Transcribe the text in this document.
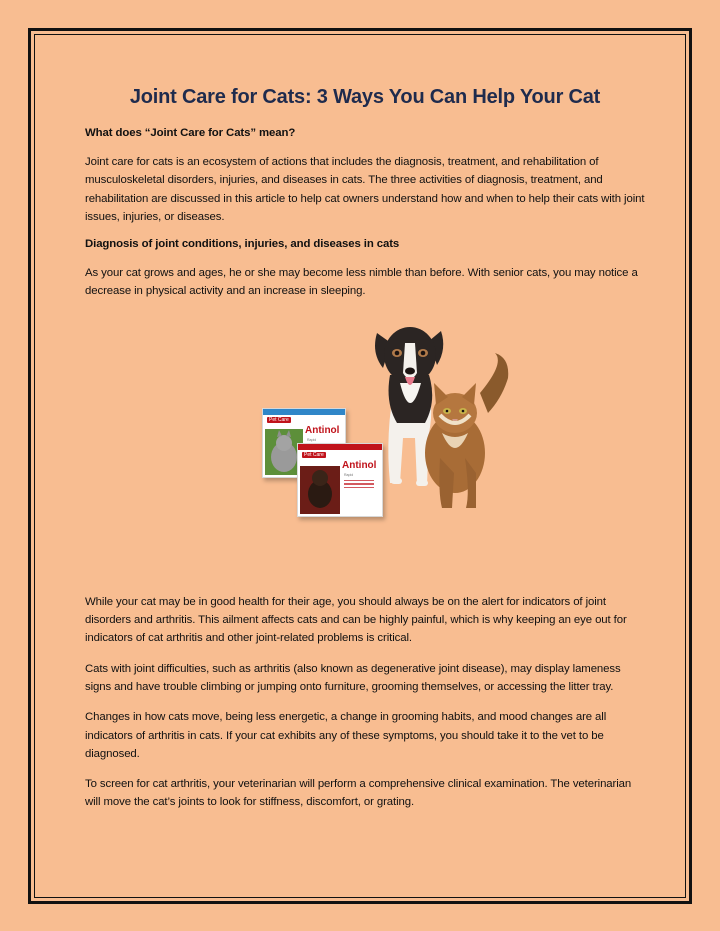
Joint Care for Cats: 3 Ways You Can Help Your Cat
What does “Joint Care for Cats” mean?

Joint care for cats is an ecosystem of actions that includes the diagnosis, treatment, and rehabilitation of musculoskeletal disorders, injuries, and diseases in cats. The three activities of diagnosis, treatment, and rehabilitation are discussed in this article to help cat owners understand how and when to help their cats with joint issues, injuries, or diseases.

Diagnosis of joint conditions, injuries, and diseases in cats

As your cat grows and ages, he or she may become less nimble than before. With senior cats, you may notice a decrease in physical activity and an increase in sleeping.

Pet Care
Antinol
Rapid
Pet Care
Antinol
Rapid

While your cat may be in good health for their age, you should always be on the alert for indicators of joint disorders and arthritis. This ailment affects cats and can be highly painful, which is why keeping an eye out for indicators of cat arthritis and other joint-related problems is critical.

Cats with joint difficulties, such as arthritis (also known as degenerative joint disease), may display lameness signs and have trouble climbing or jumping onto furniture, grooming themselves, or accessing the litter tray.

Changes in how cats move, being less energetic, a change in grooming habits, and mood changes are all indicators of arthritis in cats. If your cat exhibits any of these symptoms, you should take it to the vet to be diagnosed.

To screen for cat arthritis, your veterinarian will perform a comprehensive clinical examination. The veterinarian will move the cat’s joints to look for stiffness, discomfort, or grating.
